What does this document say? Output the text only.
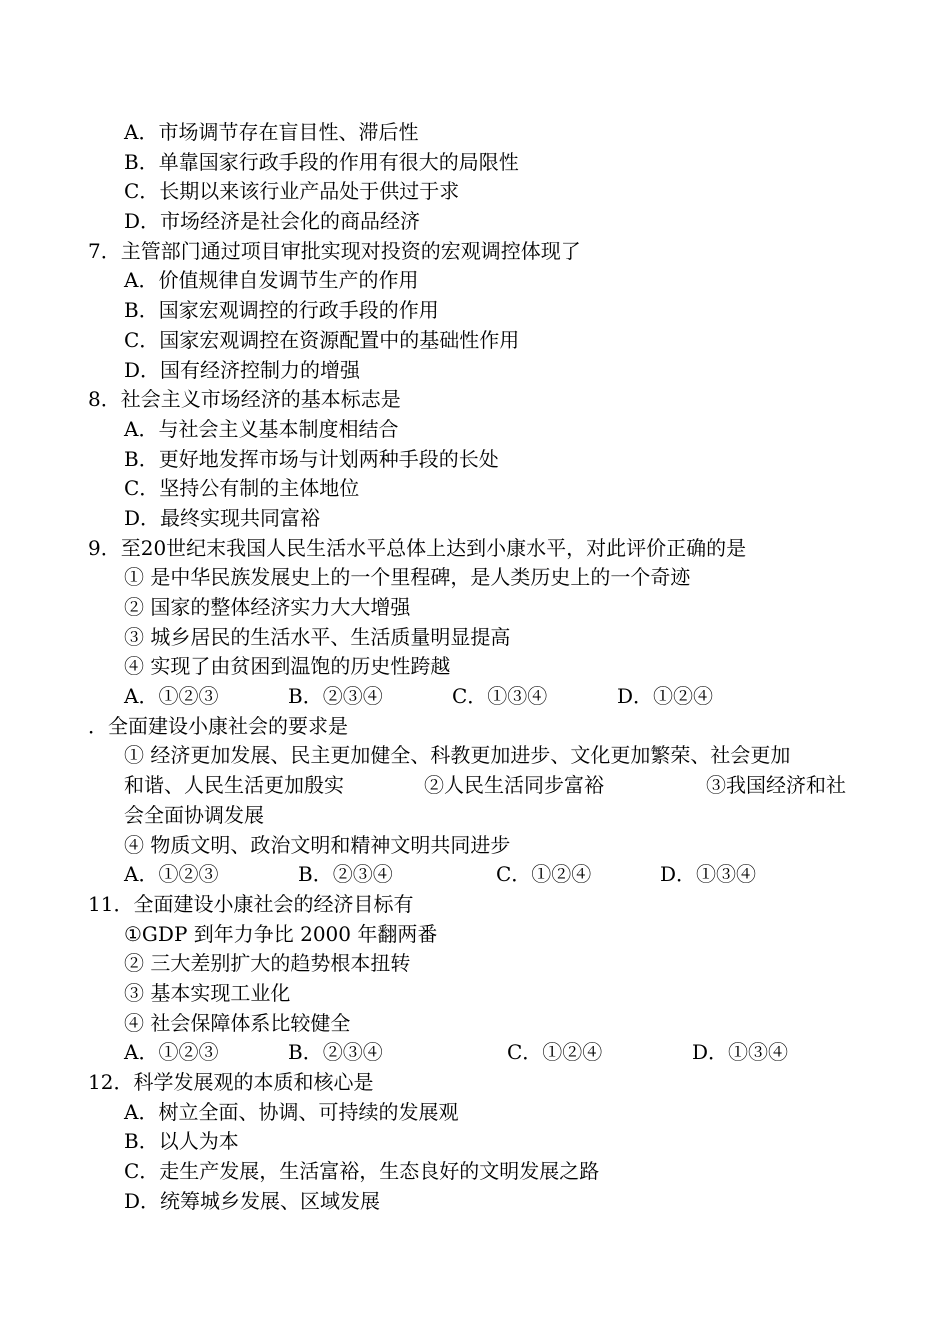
A．市场调节存在盲目性、滞后性
B．单靠国家行政手段的作用有很大的局限性
C．长期以来该行业产品处于供过于求
D．市场经济是社会化的商品经济
7．主管部门通过项目审批实现对投资的宏观调控体现了
A．价值规律自发调节生产的作用
B．国家宏观调控的行政手段的作用
C．国家宏观调控在资源配置中的基础性作用
D．国有经济控制力的增强
8．社会主义市场经济的基本标志是
A．与社会主义基本制度相结合
B．更好地发挥市场与计划两种手段的长处
C．坚持公有制的主体地位
D．最终实现共同富裕
9．至20世纪末我国人民生活水平总体上达到小康水平，对此评价正确的是
① 是中华民族发展史上的一个里程碑，是人类历史上的一个奇迹
② 国家的整体经济实力大大增强
③ 城乡居民的生活水平、生活质量明显提高
④ 实现了由贫困到温饱的历史性跨越
A．①②③	B．②③④	C．①③④	D．①②④
．全面建设小康社会的要求是
① 经济更加发展、民主更加健全、科教更加进步、文化更加繁荣、社会更加
和谐、人民生活更加殷实	②人民生活同步富裕	③我国经济和社
会全面协调发展
④ 物质文明、政治文明和精神文明共同进步
A．①②③	B．②③④	C．①②④	D．①③④
11．全面建设小康社会的经济目标有
①GDP 到年力争比 2000 年翻两番
② 三大差别扩大的趋势根本扭转
③ 基本实现工业化
④ 社会保障体系比较健全
A．①②③	B．②③④	C．①②④	D．①③④
12．科学发展观的本质和核心是
A．树立全面、协调、可持续的发展观
B．以人为本
C．走生产发展，生活富裕，生态良好的文明发展之路
D．统筹城乡发展、区域发展
